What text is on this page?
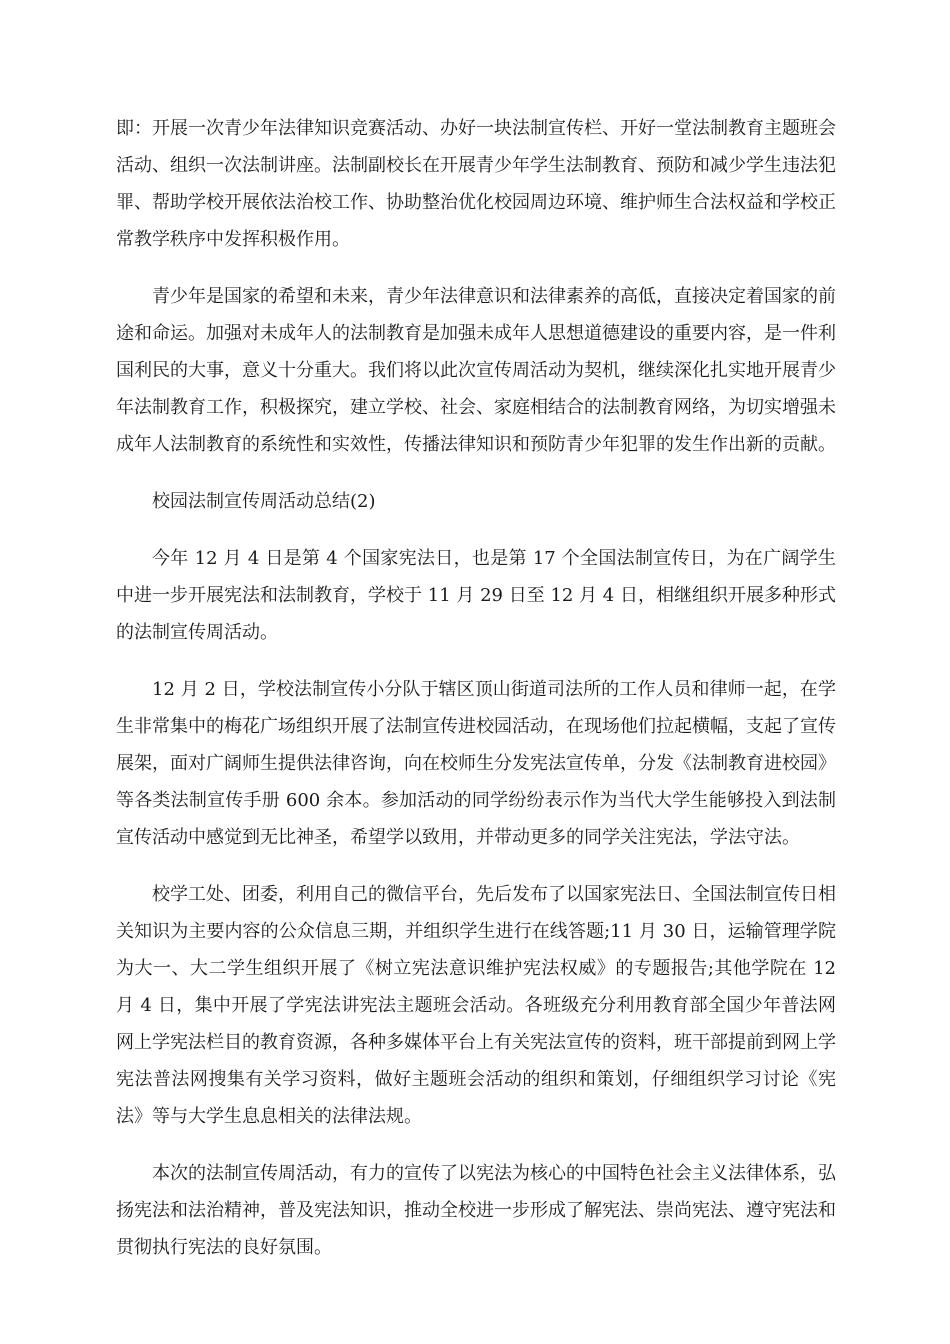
即：开展一次青少年法律知识竞赛活动、办好一块法制宣传栏、开好一堂法制教育主题班会活动、组织一次法制讲座。法制副校长在开展青少年学生法制教育、预防和减少学生违法犯罪、帮助学校开展依法治校工作、协助整治优化校园周边环境、维护师生合法权益和学校正常教学秩序中发挥积极作用。

青少年是国家的希望和未来，青少年法律意识和法律素养的高低，直接决定着国家的前途和命运。加强对未成年人的法制教育是加强未成年人思想道德建设的重要内容，是一件利国利民的大事，意义十分重大。我们将以此次宣传周活动为契机，继续深化扎实地开展青少年法制教育工作，积极探究，建立学校、社会、家庭相结合的法制教育网络，为切实增强未成年人法制教育的系统性和实效性，传播法律知识和预防青少年犯罪的发生作出新的贡献。

校园法制宣传周活动总结(2)

今年 12 月 4 日是第 4 个国家宪法日，也是第 17 个全国法制宣传日，为在广阔学生中进一步开展宪法和法制教育，学校于 11 月 29 日至 12 月 4 日，相继组织开展多种形式的法制宣传周活动。

12 月 2 日，学校法制宣传小分队于辖区顶山街道司法所的工作人员和律师一起，在学生非常集中的梅花广场组织开展了法制宣传进校园活动，在现场他们拉起横幅，支起了宣传展架，面对广阔师生提供法律咨询，向在校师生分发宪法宣传单，分发《法制教育进校园》等各类法制宣传手册 600 余本。参加活动的同学纷纷表示作为当代大学生能够投入到法制宣传活动中感觉到无比神圣，希望学以致用，并带动更多的同学关注宪法，学法守法。

校学工处、团委，利用自己的微信平台，先后发布了以国家宪法日、全国法制宣传日相关知识为主要内容的公众信息三期，并组织学生进行在线答题;11 月 30 日，运输管理学院为大一、大二学生组织开展了《树立宪法意识维护宪法权威》的专题报告;其他学院在 12 月 4 日，集中开展了学宪法讲宪法主题班会活动。各班级充分利用教育部全国少年普法网网上学宪法栏目的教育资源，各种多媒体平台上有关宪法宣传的资料，班干部提前到网上学宪法普法网搜集有关学习资料，做好主题班会活动的组织和策划，仔细组织学习讨论《宪法》等与大学生息息相关的法律法规。

本次的法制宣传周活动，有力的宣传了以宪法为核心的中国特色社会主义法律体系，弘扬宪法和法治精神，普及宪法知识，推动全校进一步形成了解宪法、崇尚宪法、遵守宪法和贯彻执行宪法的良好氛围。
